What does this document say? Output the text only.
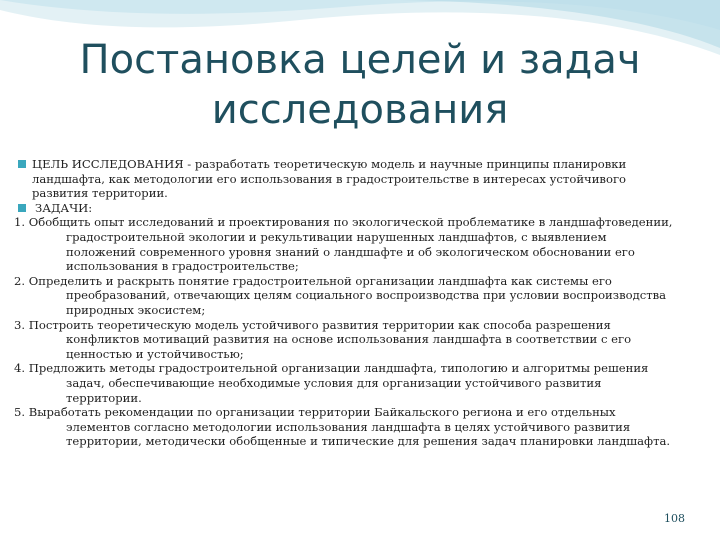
Постановка целей и задач исследования

ЦЕЛЬ ИССЛЕДОВАНИЯ - разработать теоретическую модель и научные принципы планировки ландшафта, как методологии его использования в градостроительстве в интересах устойчивого развития территории.

ЗАДАЧИ:

1. Обобщить опыт исследований и проектирования по экологической проблематике в ландшафтоведении, градостроительной экологии и рекультивации нарушенных ландшафтов, с выявлением положений современного уровня знаний о ландшафте и об экологическом обосновании его использования в градостроительстве;

2. Определить и раскрыть понятие градостроительной организации ландшафта как системы его преобразований, отвечающих целям социального воспроизводства при условии воспроизводства природных экосистем;

3. Построить теоретическую модель устойчивого развития территории как способа разрешения конфликтов мотиваций развития на основе использования ландшафта в соответствии с его ценностью и устойчивостью;

4. Предложить методы градостроительной организации ландшафта, типологию и алгоритмы решения задач, обеспечивающие необходимые условия для организации устойчивого развития территории.

5. Выработать рекомендации по организации территории Байкальского региона и его отдельных элементов согласно методологии использования ландшафта в целях устойчивого развития территории, методически обобщенные и типические для решения задач планировки ландшафта.

108
